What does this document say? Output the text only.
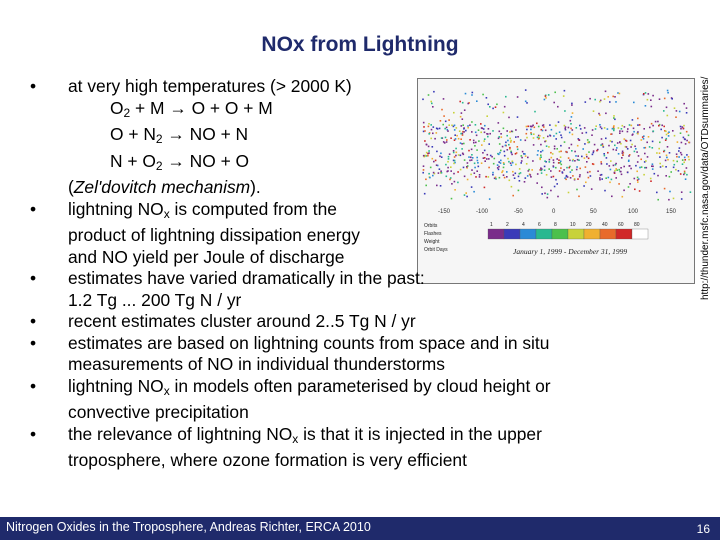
NOx from Lightning
-150	-100	-50	0	50	100	150
Orbits
Flashes
Weight
Orbit Days
1	2	4	6	8	10 20 40 60 80
January 1, 1999 - December 31, 1999	http://thunder.msfc.nasa.gov/data/OTDsummaries/
• at very high temperatures (> 2000 K)
$O_2 + M \to O + O + M$
$O + N_2$ → NO + N
$N + O_2$ → NO + O
(Zel'dovitch mechanism).
• lightning $NO_x$ is computed from the
product of lightning dissipation energy
and NO yield per Joule of discharge
• estimates have varied dramatically in the past:
1.2 Tg ... 200 Tg N / yr
• recent estimates cluster around 2..5 Tg N / yr
• estimates are based on lightning counts from space and in situ
measurements of NO in individual thunderstorms
• lightning $NO_x$ in models often parameterised by cloud height or
convective precipitation
• the relevance of lightning $NO_x$ is that it is injected in the upper
troposphere, where ozone formation is very efficient
Nitrogen Oxides in the Troposphere, Andreas Richter, ERCA 2010	16
